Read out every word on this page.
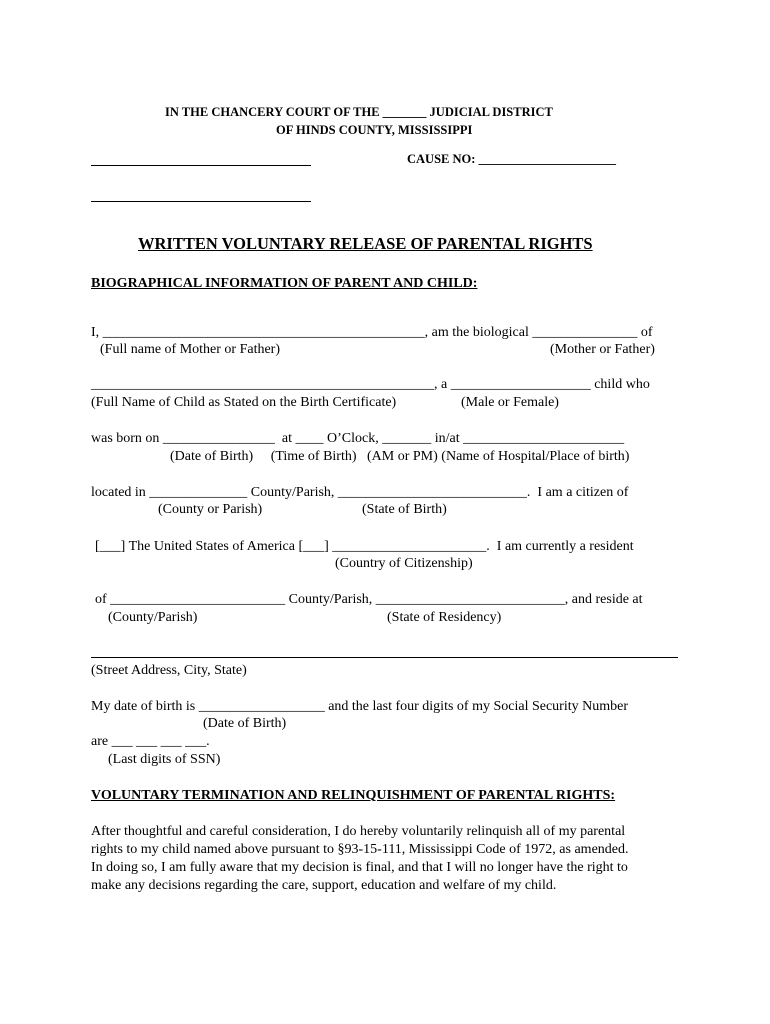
IN THE CHANCERY COURT OF THE _______ JUDICIAL DISTRICT
OF HINDS COUNTY, MISSISSIPPI
CAUSE NO: ______________________
WRITTEN VOLUNTARY RELEASE OF PARENTAL RIGHTS
BIOGRAPHICAL INFORMATION OF PARENT AND CHILD:
I, ______________________________________________, am the biological _______________ of
(Full name of Mother or Father)	(Mother or Father)
_________________________________________________, a ____________________ child who
(Full Name of Child as Stated on the Birth Certificate)	(Male or Female)
was born on ________________  at ____ O’Clock, _______ in/at _______________________
(Date of Birth)     (Time of Birth)   (AM or PM) (Name of Hospital/Place of birth)
located in ______________ County/Parish, ___________________________.  I am a citizen of
(County or Parish)	(State of Birth)
[___] The United States of America [___] ______________________.  I am currently a resident
(Country of Citizenship)
of _________________________ County/Parish, ___________________________, and reside at
(County/Parish)	(State of Residency)
(Street Address, City, State)
My date of birth is __________________ and the last four digits of my Social Security Number
(Date of Birth)
are ___ ___ ___ ___.
(Last digits of SSN)
VOLUNTARY TERMINATION AND RELINQUISHMENT OF PARENTAL RIGHTS:
After thoughtful and careful consideration, I do hereby voluntarily relinquish all of my parental
rights to my child named above pursuant to §93-15-111, Mississippi Code of 1972, as amended.
In doing so, I am fully aware that my decision is final, and that I will no longer have the right to
make any decisions regarding the care, support, education and welfare of my child.
